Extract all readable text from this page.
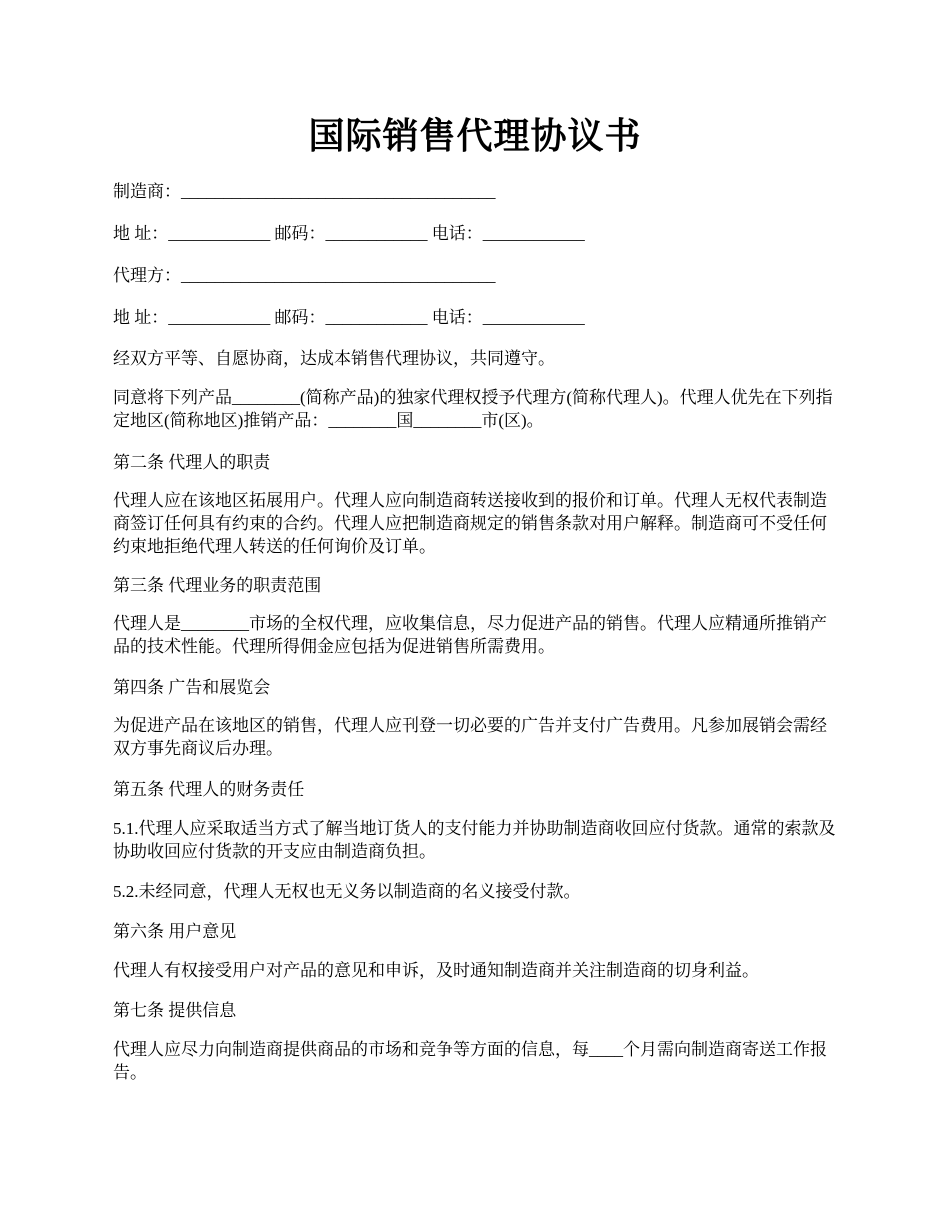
国际销售代理协议书

制造商：_____________________________________

地 址：____________ 邮码：____________ 电话：____________

代理方：_____________________________________

地 址：____________ 邮码：____________ 电话：____________

经双方平等、自愿协商，达成本销售代理协议，共同遵守。

同意将下列产品________(简称产品)的独家代理权授予代理方(简称代理人)。代理人优先在下列指定地区(简称地区)推销产品：________国________市(区)。

第二条 代理人的职责

代理人应在该地区拓展用户。代理人应向制造商转送接收到的报价和订单。代理人无权代表制造商签订任何具有约束的合约。代理人应把制造商规定的销售条款对用户解释。制造商可不受任何约束地拒绝代理人转送的任何询价及订单。

第三条 代理业务的职责范围

代理人是________市场的全权代理，应收集信息，尽力促进产品的销售。代理人应精通所推销产品的技术性能。代理所得佣金应包括为促进销售所需费用。

第四条 广告和展览会

为促进产品在该地区的销售，代理人应刊登一切必要的广告并支付广告费用。凡参加展销会需经双方事先商议后办理。

第五条 代理人的财务责任

5.1.代理人应采取适当方式了解当地订货人的支付能力并协助制造商收回应付货款。通常的索款及协助收回应付货款的开支应由制造商负担。

5.2.未经同意，代理人无权也无义务以制造商的名义接受付款。

第六条 用户意见

代理人有权接受用户对产品的意见和申诉，及时通知制造商并关注制造商的切身利益。

第七条 提供信息

代理人应尽力向制造商提供商品的市场和竞争等方面的信息，每____个月需向制造商寄送工作报告。
